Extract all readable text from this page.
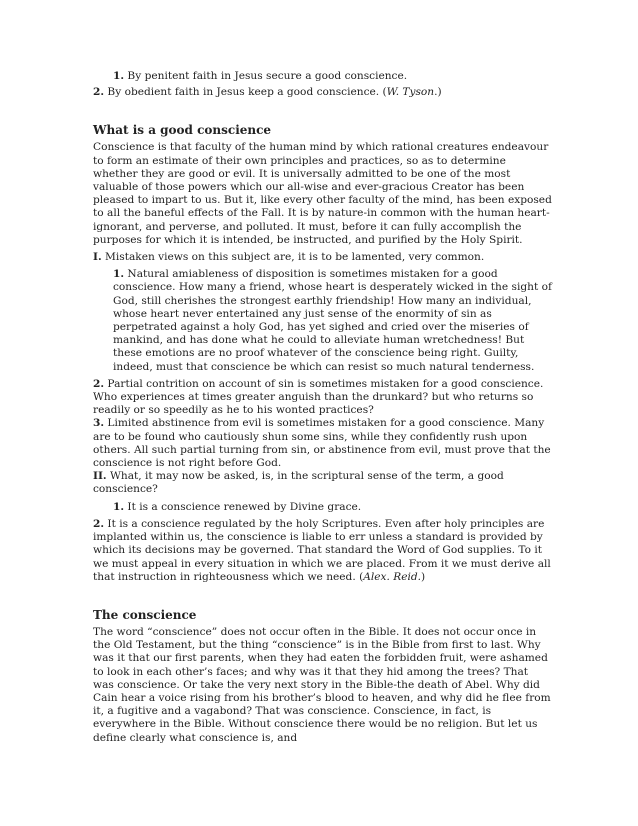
1. By penitent faith in Jesus secure a good conscience.

2. By obedient faith in Jesus keep a good conscience. (W. Tyson.)

What is a good conscience

Conscience is that faculty of the human mind by which rational creatures endeavour to form an estimate of their own principles and practices, so as to determine whether they are good or evil. It is universally admitted to be one of the most valuable of those powers which our all-wise and ever-gracious Creator has been pleased to impart to us. But it, like every other faculty of the mind, has been exposed to all the baneful effects of the Fall. It is by nature-in common with the human heart-ignorant, and perverse, and polluted. It must, before it can fully accomplish the purposes for which it is intended, be instructed, and purified by the Holy Spirit.

I. Mistaken views on this subject are, it is to be lamented, very common.

1. Natural amiableness of disposition is sometimes mistaken for a good conscience. How many a friend, whose heart is desperately wicked in the sight of God, still cherishes the strongest earthly friendship! How many an individual, whose heart never entertained any just sense of the enormity of sin as perpetrated against a holy God, has yet sighed and cried over the miseries of mankind, and has done what he could to alleviate human wretchedness! But these emotions are no proof whatever of the conscience being right. Guilty, indeed, must that conscience be which can resist so much natural tenderness.

2. Partial contrition on account of sin is sometimes mistaken for a good conscience. Who experiences at times greater anguish than the drunkard? but who returns so readily or so speedily as he to his wonted practices?

3. Limited abstinence from evil is sometimes mistaken for a good conscience. Many are to be found who cautiously shun some sins, while they confidently rush upon others. All such partial turning from sin, or abstinence from evil, must prove that the conscience is not right before God.

II. What, it may now be asked, is, in the scriptural sense of the term, a good conscience?

1. It is a conscience renewed by Divine grace.

2. It is a conscience regulated by the holy Scriptures. Even after holy principles are implanted within us, the conscience is liable to err unless a standard is provided by which its decisions may be governed. That standard the Word of God supplies. To it we must appeal in every situation in which we are placed. From it we must derive all that instruction in righteousness which we need. (Alex. Reid.)

The conscience

The word “conscience” does not occur often in the Bible. It does not occur once in the Old Testament, but the thing “conscience” is in the Bible from first to last. Why was it that our first parents, when they had eaten the forbidden fruit, were ashamed to look in each other’s faces; and why was it that they hid among the trees? That was conscience. Or take the very next story in the Bible-the death of Abel. Why did Cain hear a voice rising from his brother’s blood to heaven, and why did he flee from it, a fugitive and a vagabond? That was conscience. Conscience, in fact, is everywhere in the Bible. Without conscience there would be no religion. But let us define clearly what conscience is, and
